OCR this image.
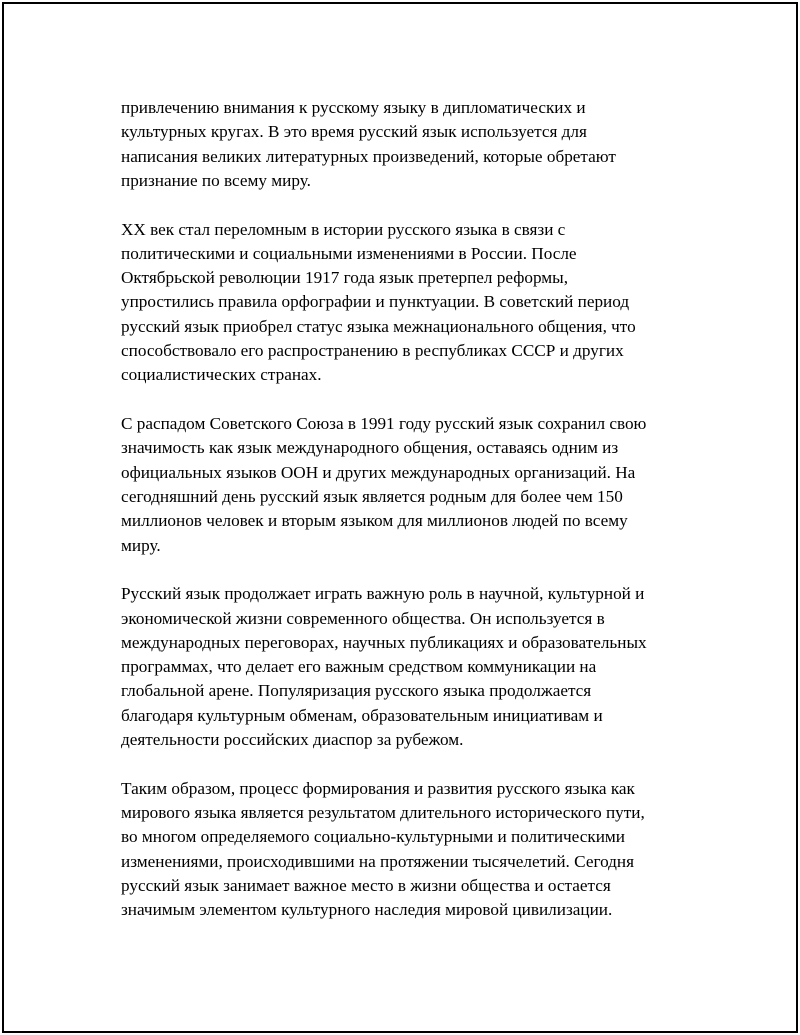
привлечению внимания к русскому языку в дипломатических и
культурных кругах. В это время русский язык используется для
написания великих литературных произведений, которые обретают
признание по всему миру.

XX век стал переломным в истории русского языка в связи с
политическими и социальными изменениями в России. После
Октябрьской революции 1917 года язык претерпел реформы,
упростились правила орфографии и пунктуации. В советский период
русский язык приобрел статус языка межнационального общения, что
способствовало его распространению в республиках СССР и других
социалистических странах.

С распадом Советского Союза в 1991 году русский язык сохранил свою
значимость как язык международного общения, оставаясь одним из
официальных языков ООН и других международных организаций. На
сегодняшний день русский язык является родным для более чем 150
миллионов человек и вторым языком для миллионов людей по всему
миру.

Русский язык продолжает играть важную роль в научной, культурной и
экономической жизни современного общества. Он используется в
международных переговорах, научных публикациях и образовательных
программах, что делает его важным средством коммуникации на
глобальной арене. Популяризация русского языка продолжается
благодаря культурным обменам, образовательным инициативам и
деятельности российских диаспор за рубежом.

Таким образом, процесс формирования и развития русского языка как
мирового языка является результатом длительного исторического пути,
во многом определяемого социально-культурными и политическими
изменениями, происходившими на протяжении тысячелетий. Сегодня
русский язык занимает важное место в жизни общества и остается
значимым элементом культурного наследия мировой цивилизации.
